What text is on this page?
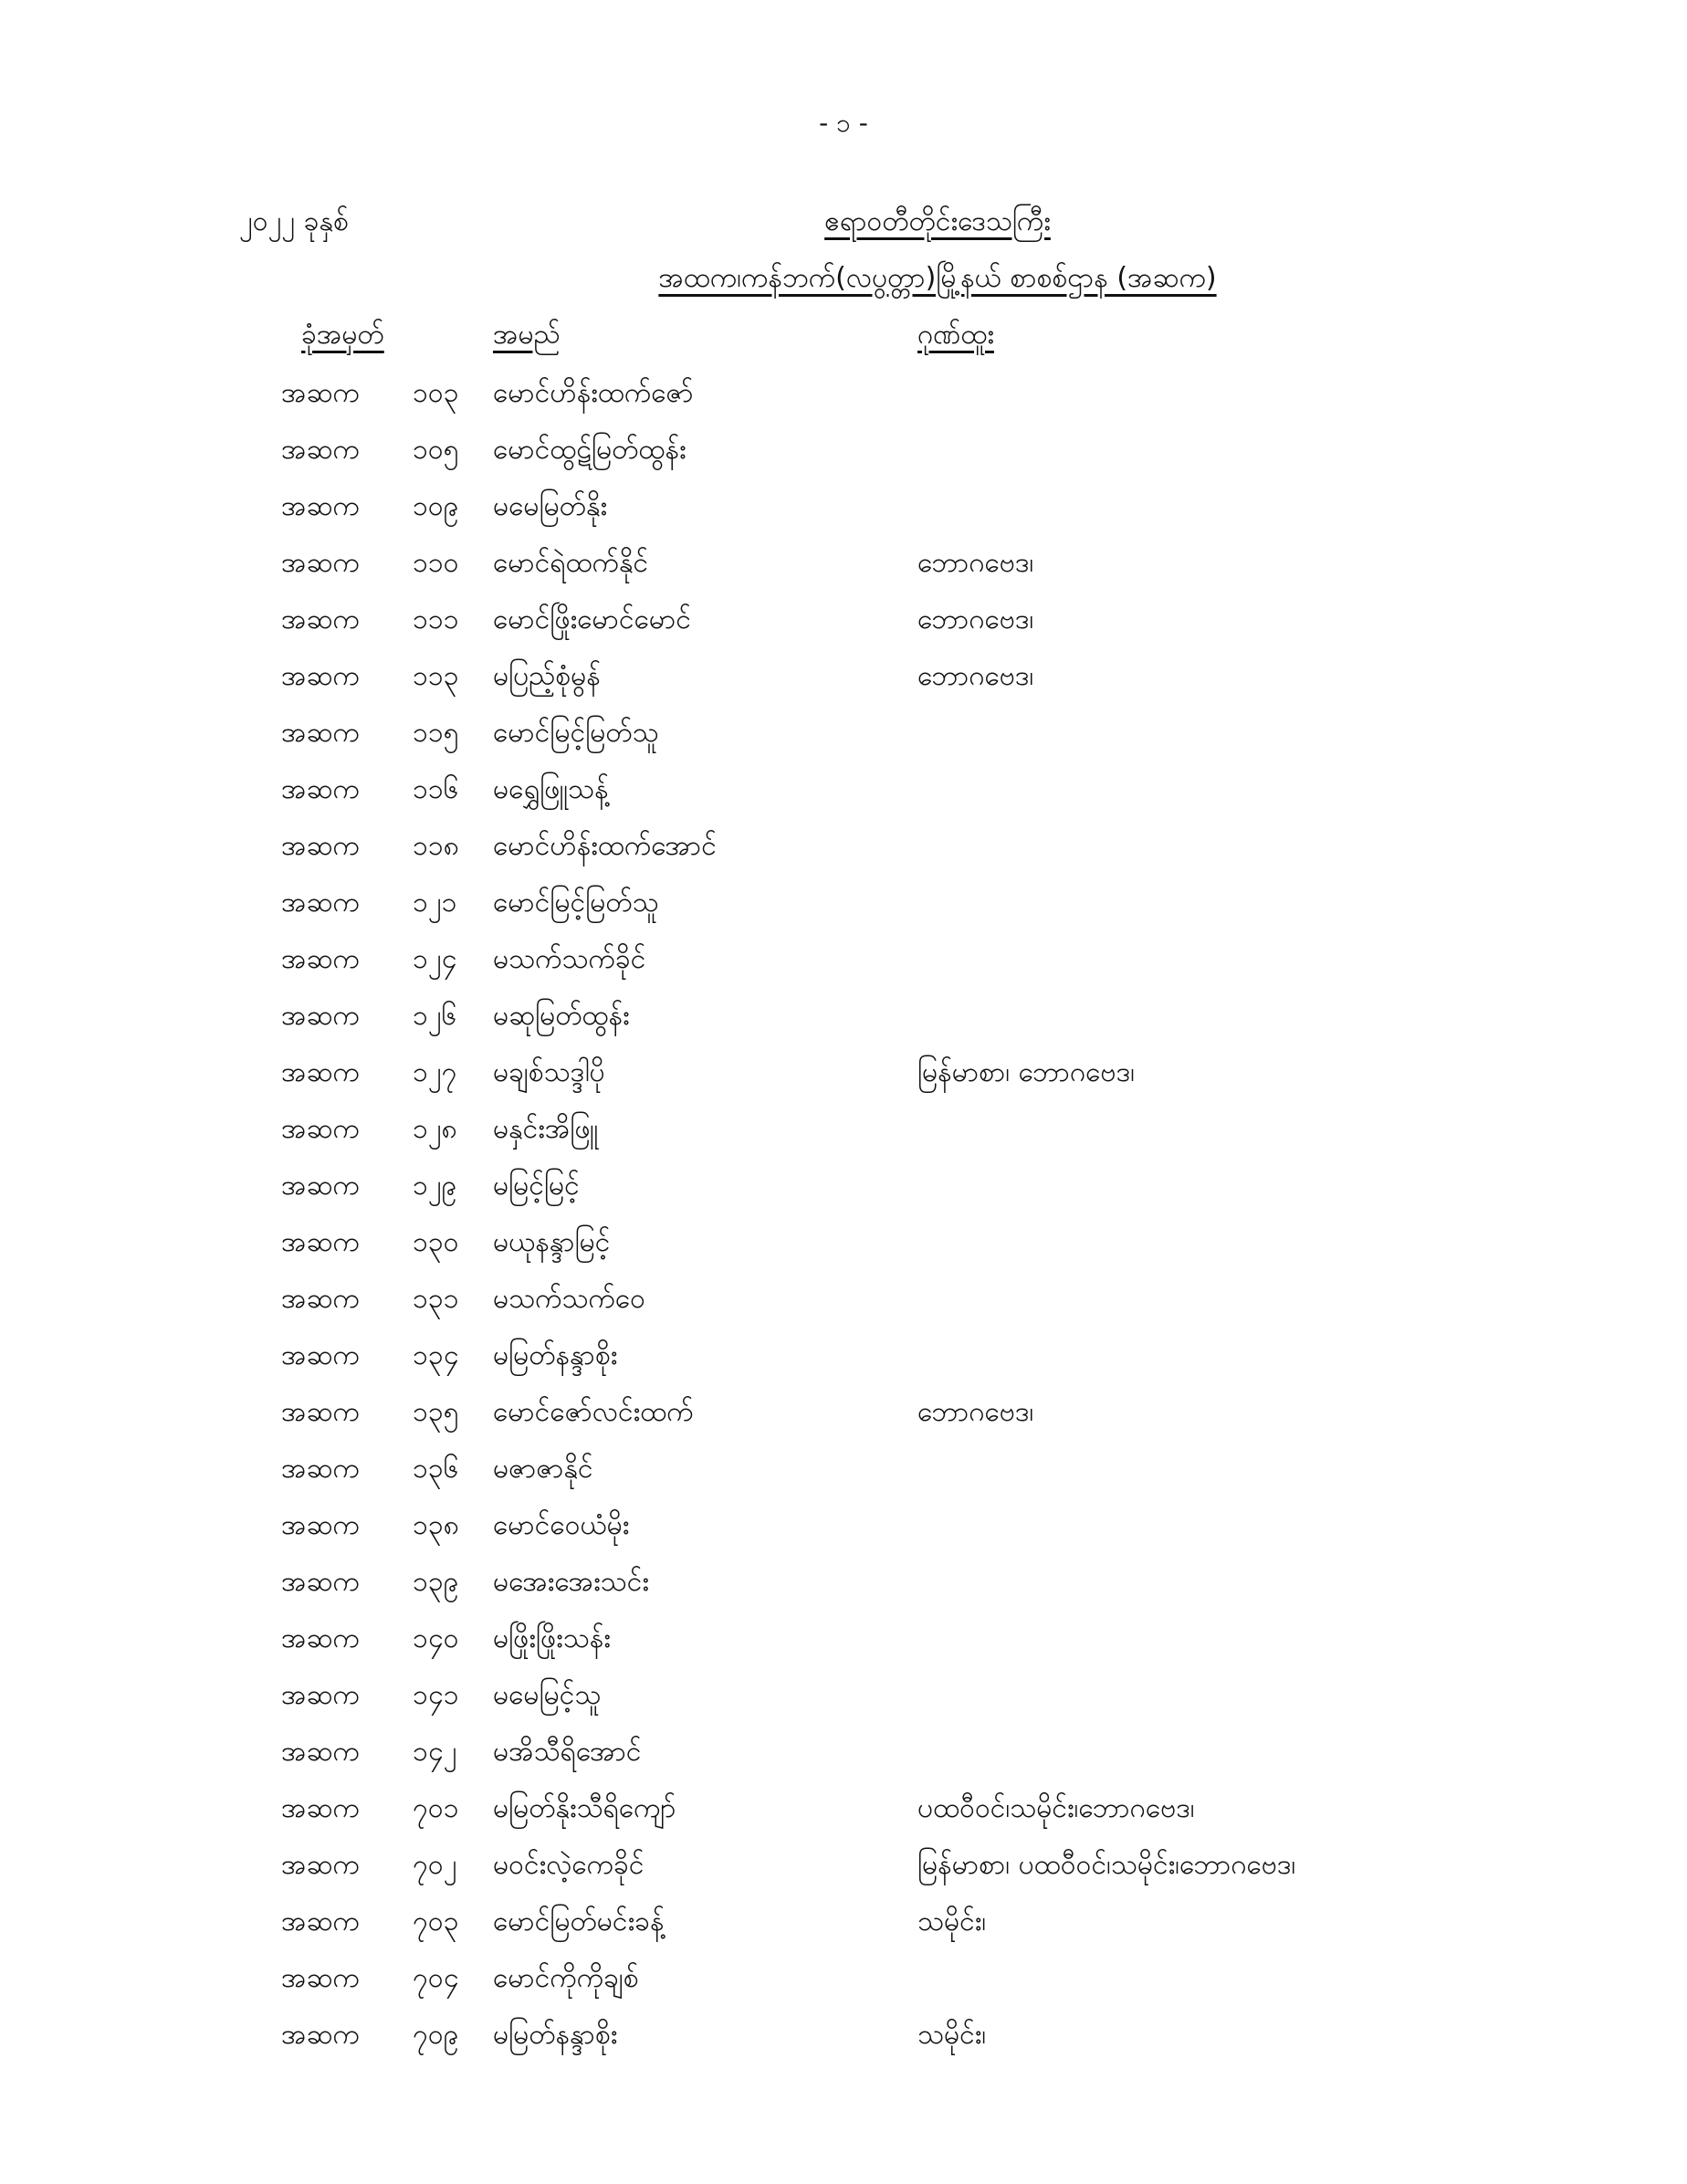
- ၁ -
၂၀၂၂ ခုနှစ်	ဧရာဝတီတိုင်းဒေသကြီး
အထက၊ကန်ဘက်(လပွတ္တာ)မြို့နယ် စာစစ်ဌာန (အဆက)
ခုံအမှတ်	အမည်	ဂုဏ်ထူး
အဆက ၁၀၃ မောင်ဟိန်းထက်ဇော်
အဆက ၁၀၅ မောင်ထွဋ်မြတ်ထွန်း
အဆက ၁၀၉ မမေမြတ်နိုး
အဆက ၁၁၀ မောင်ရဲထက်နိုင်	ဘောဂဗေဒ၊
အဆက ၁၁၁ မောင်ဖြိုးမောင်မောင်	ဘောဂဗေဒ၊
အဆက ၁၁၃ မပြည့်စုံမွန်	ဘောဂဗေဒ၊
အဆက ၁၁၅ မောင်မြင့်မြတ်သူ
အဆက ၁၁၆ မရွှေဖြူသန့်
အဆက ၁၁၈ မောင်ဟိန်းထက်အောင်
အဆက ၁၂၁ မောင်မြင့်မြတ်သူ
အဆက ၁၂၄ မသက်သက်ခိုင်
အဆက ၁၂၆ မဆုမြတ်ထွန်း
အဆက ၁၂၇ မချစ်သဒ္ဒါပို	မြန်မာစာ၊ ဘောဂဗေဒ၊
အဆက ၁၂၈ မနှင်းအိဖြူ
အဆက ၁၂၉ မမြင့်မြင့်
အဆက ၁၃၀ မယုနန္ဒာမြင့်
အဆက ၁၃၁ မသက်သက်ဝေ
အဆက ၁၃၄ မမြတ်နန္ဒာစိုး
အဆက ၁၃၅ မောင်ဇော်လင်းထက်	ဘောဂဗေဒ၊
အဆက ၁၃၆ မဇာဇာနိုင်
အဆက ၁၃၈ မောင်ဝေယံမိုး
အဆက ၁၃၉ မအေးအေးသင်း
အဆက ၁၄၀ မဖြိုးဖြိုးသန်း
အဆက ၁၄၁ မမေမြင့်သူ
အဆက ၁၄၂ မအိသီရိအောင်
အဆက ၇၀၁ မမြတ်နိုးသီရိကျော်	ပထဝီဝင်၊သမိုင်း၊ဘောဂဗေဒ၊
အဆက ၇၀၂ မဝင်းလဲ့ကေခိုင်	မြန်မာစာ၊ ပထဝီဝင်၊သမိုင်း၊ဘောဂဗေဒ၊
အဆက ၇၀၃ မောင်မြတ်မင်းခန့်	သမိုင်း၊
အဆက ၇၀၄ မောင်ကိုကိုချစ်
အဆက ၇၀၉ မမြတ်နန္ဒာစိုး	သမိုင်း၊
